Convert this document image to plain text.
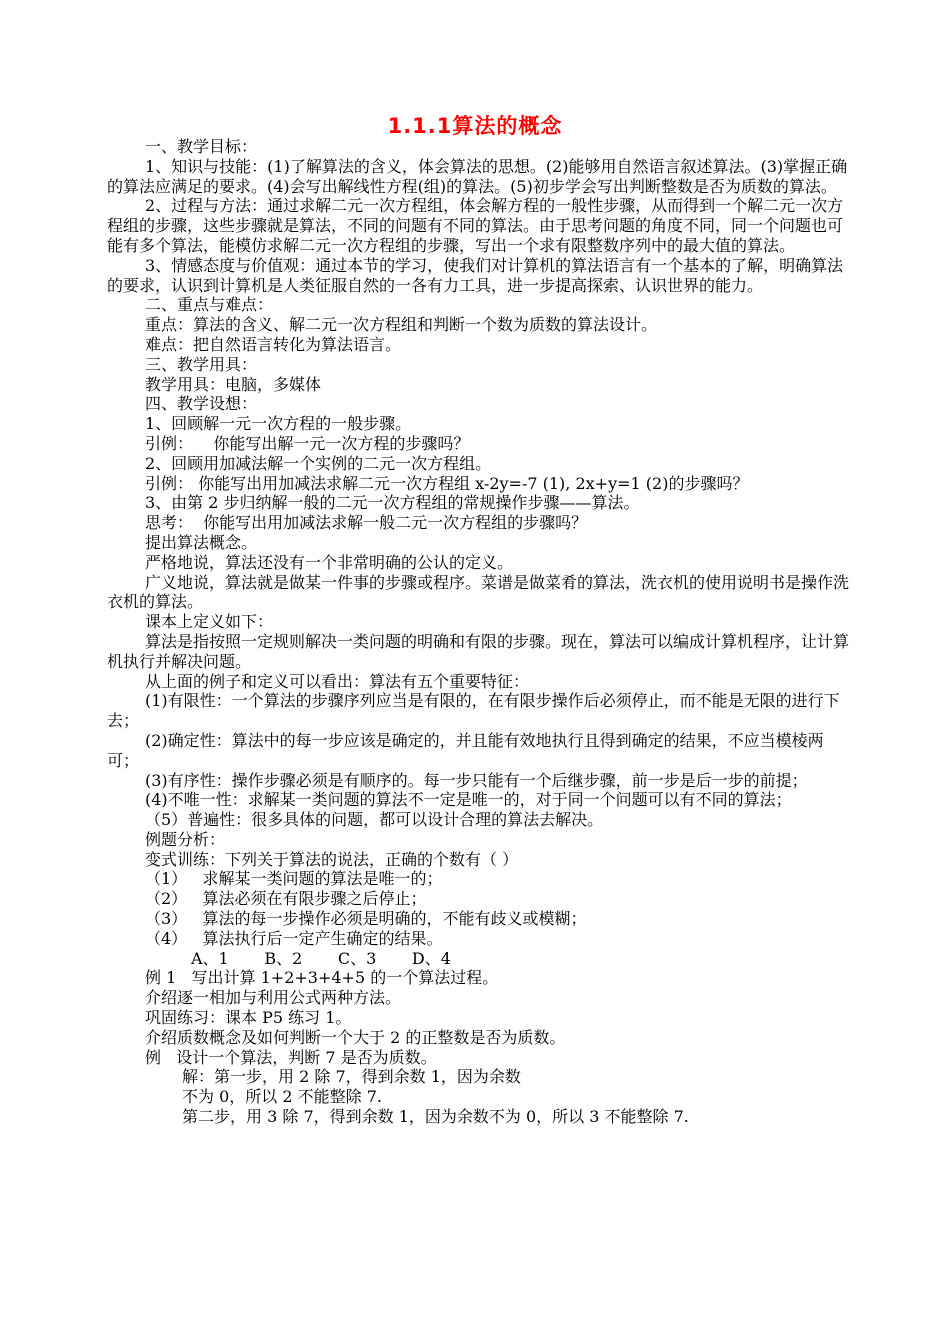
1.1.1算法的概念

一、教学目标：

1、知识与技能：(1)了解算法的含义，体会算法的思想。(2)能够用自然语言叙述算法。(3)掌握正确的算法应满足的要求。(4)会写出解线性方程(组)的算法。(5)初步学会写出判断整数是否为质数的算法。

2、过程与方法：通过求解二元一次方程组，体会解方程的一般性步骤，从而得到一个解二元一次方程组的步骤，这些步骤就是算法，不同的问题有不同的算法。由于思考问题的角度不同，同一个问题也可能有多个算法，能模仿求解二元一次方程组的步骤，写出一个求有限整数序列中的最大值的算法。

3、情感态度与价值观：通过本节的学习，使我们对计算机的算法语言有一个基本的了解，明确算法的要求，认识到计算机是人类征服自然的一各有力工具，进一步提高探索、认识世界的能力。

二、重点与难点：

重点：算法的含义、解二元一次方程组和判断一个数为质数的算法设计。

难点：把自然语言转化为算法语言。

三、教学用具：

教学用具：电脑，多媒体

四、教学设想：

1、回顾解一元一次方程的一般步骤。

引例：    你能写出解一元一次方程的步骤吗？

2、回顾用加减法解一个实例的二元一次方程组。

引例： 你能写出用加减法求解二元一次方程组 x-2y=-7 (1), 2x+y=1 (2)的步骤吗？

3、由第 2 步归纳解一般的二元一次方程组的常规操作步骤——算法。

思考：  你能写出用加减法求解一般二元一次方程组的步骤吗？

提出算法概念。

严格地说，算法还没有一个非常明确的公认的定义。

广义地说，算法就是做某一件事的步骤或程序。菜谱是做菜肴的算法，洗衣机的使用说明书是操作洗衣机的算法。

课本上定义如下：

算法是指按照一定规则解决一类问题的明确和有限的步骤。现在，算法可以编成计算机程序，让计算机执行并解决问题。

从上面的例子和定义可以看出：算法有五个重要特征：

(1)有限性：一个算法的步骤序列应当是有限的，在有限步操作后必须停止，而不能是无限的进行下去；

(2)确定性：算法中的每一步应该是确定的，并且能有效地执行且得到确定的结果，不应当模棱两可；

(3)有序性：操作步骤必须是有顺序的。每一步只能有一个后继步骤，前一步是后一步的前提；

(4)不唯一性：求解某一类问题的算法不一定是唯一的，对于同一个问题可以有不同的算法；

（5）普遍性：很多具体的问题，都可以设计合理的算法去解决。

例题分析：

变式训练：下列关于算法的说法，正确的个数有（ ）

（1）   求解某一类问题的算法是唯一的；

（2）   算法必须在有限步骤之后停止；

（3）   算法的每一步操作必须是明确的，不能有歧义或模糊；

（4）   算法执行后一定产生确定的结果。

A、1       B、2       C、3       D、4

例 1   写出计算 1+2+3+4+5 的一个算法过程。

介绍逐一相加与利用公式两种方法。

巩固练习：课本 P5 练习 1。

介绍质数概念及如何判断一个大于 2 的正整数是否为质数。

例   设计一个算法，判断 7 是否为质数。

解：第一步，用 2 除 7，得到余数 1，因为余数

不为 0，所以 2 不能整除 7.

第二步，用 3 除 7，得到余数 1，因为余数不为 0，所以 3 不能整除 7.
